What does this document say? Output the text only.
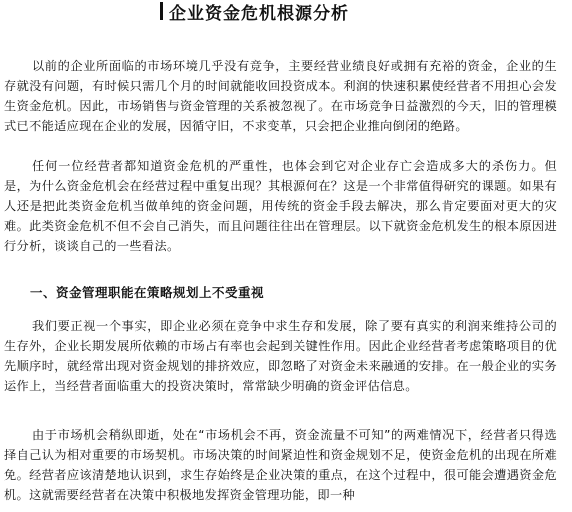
企业资金危机根源分析

以前的企业所面临的市场环境几乎没有竞争，主要经营业绩良好或拥有充裕的资金，企业的生存就没有问题，有时候只需几个月的时间就能收回投资成本。利润的快速积累使经营者不用担心会发生资金危机。因此，市场销售与资金管理的关系被忽视了。在市场竞争日益激烈的今天，旧的管理模式已不能适应现在企业的发展，因循守旧，不求变革，只会把企业推向倒闭的绝路。

任何一位经营者都知道资金危机的严重性，也体会到它对企业存亡会造成多大的杀伤力。但是，为什么资金危机会在经营过程中重复出现？其根源何在？这是一个非常值得研究的课题。如果有人还是把此类资金危机当做单纯的资金问题，用传统的资金手段去解决，那么肯定要面对更大的灾难。此类资金危机不但不会自己消失，而且问题往往出在管理层。以下就资金危机发生的根本原因进行分析，谈谈自己的一些看法。

一、资金管理职能在策略规划上不受重视

我们要正视一个事实，即企业必须在竞争中求生存和发展，除了要有真实的利润来维持公司的生存外，企业长期发展所依赖的市场占有率也会起到关键性作用。因此企业经营者考虑策略项目的优先顺序时，就经常出现对资金规划的排挤效应，即忽略了对资金未来融通的安排。在一般企业的实务运作上，当经营者面临重大的投资决策时，常常缺少明确的资金评估信息。

由于市场机会稍纵即逝，处在“市场机会不再，资金流量不可知”的两难情况下，经营者只得选择自己认为相对重要的市场契机。市场决策的时间紧迫性和资金规划不足，使资金危机的出现在所难免。经营者应该清楚地认识到，求生存始终是企业决策的重点，在这个过程中，很可能会遭遇资金危机。这就需要经营者在决策中积极地发挥资金管理功能，即一种
